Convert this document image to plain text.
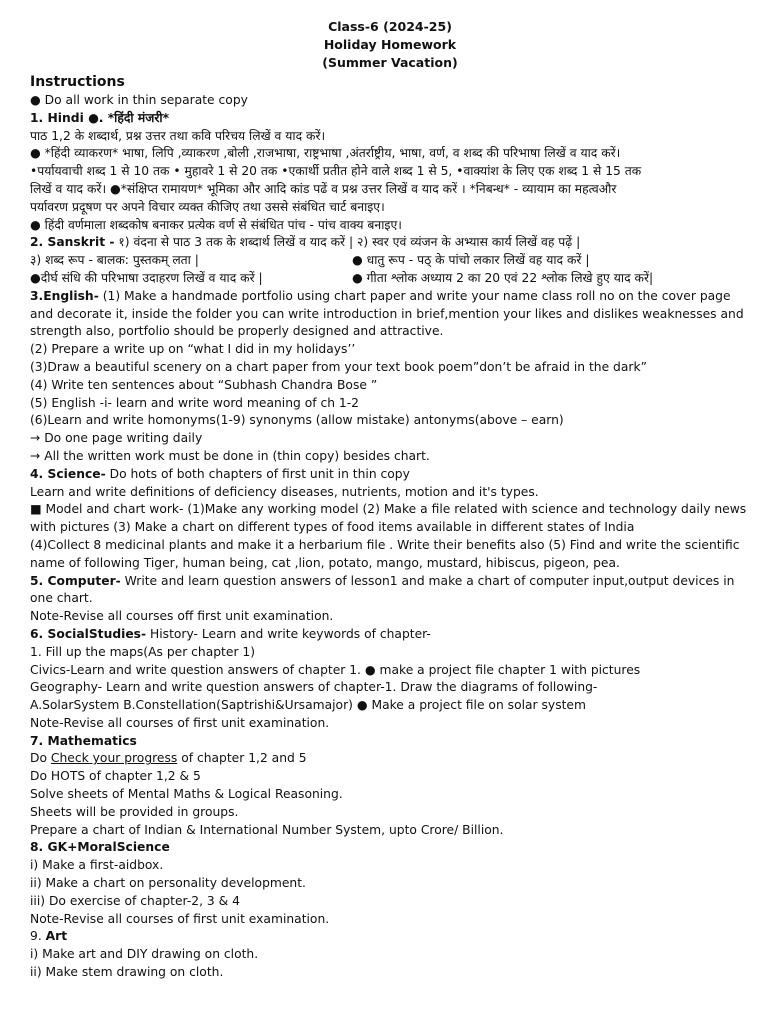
Class-6 (2024-25)
Holiday Homework
(Summer Vacation)
Instructions
● Do all work in thin separate copy
1. Hindi ●. *हिंदी मंजरी*
पाठ 1,2 के शब्दार्थ, प्रश्न उत्तर तथा कवि परिचय लिखें व याद करें।
● *हिंदी व्याकरण* भाषा, लिपि ,व्याकरण ,बोली ,राजभाषा, राष्ट्रभाषा ,अंतर्राष्ट्रीय, भाषा, वर्ण, व शब्द की परिभाषा लिखें व याद करें।
•पर्यायवाची शब्द 1 से 10 तक • मुहावरे 1 से 20 तक •एकार्थी प्रतीत होने वाले शब्द 1 से 5, •वाक्यांश के लिए एक शब्द 1 से 15 तक
लिखें व याद करें। ●*संक्षिप्त रामायण* भूमिका और आदि कांड पढें व प्रश्न उत्तर लिखें व याद करें । *निबन्ध* - व्यायाम का महत्वऔर
पर्यावरण प्रदूषण पर अपने विचार व्यक्त कीजिए तथा उससे संबंधित चार्ट बनाइए।
● हिंदी वर्णमाला शब्दकोष बनाकर प्रत्येक वर्ण से संबंधित पांच - पांच वाक्य बनाइए।
2. Sanskrit - १) वंदना से पाठ 3 तक के शब्दार्थ लिखें व याद करें | २) स्वर एवं व्यंजन के अभ्यास कार्य लिखें वह पढ़ें |
३) शब्द रूप - बालक: पुस्तकम् लता |	● धातु रूप - पठ् के पांचो लकार लिखें वह याद करें |
●दीर्घ संधि की परिभाषा उदाहरण लिखें व याद करें |	● गीता श्लोक अध्याय 2 का 20 एवं 22 श्लोक लिखे हुए याद करें|
3.English- (1) Make a handmade portfolio using chart paper and write your name class roll no on the cover page and decorate it, inside the folder you can write introduction in brief,mention your likes and dislikes weaknesses and strength also, portfolio should be properly designed and attractive.
(2) Prepare a write up on “what I did in my holidays’’
(3)Draw a beautiful scenery on a chart paper from your text book poem”don’t be afraid in the dark”
(4) Write ten sentences about “Subhash Chandra Bose ”
(5) English -i- learn and write word meaning of ch 1-2
(6)Learn and write homonyms(1-9) synonyms (allow mistake) antonyms(above – earn)
→ Do one page writing daily
→ All the written work must be done in (thin copy) besides chart.
4. Science- Do hots of both chapters of first unit in thin copy
Learn and write definitions of deficiency diseases, nutrients, motion and it's types.
■ Model and chart work- (1)Make any working model (2) Make a file related with science and technology daily news with pictures (3) Make a chart on different types of food items available in different states of India
(4)Collect 8 medicinal plants and make it a herbarium file . Write their benefits also (5) Find and write the scientific name of following Tiger, human being, cat ,lion, potato, mango, mustard, hibiscus, pigeon, pea.
5. Computer- Write and learn question answers of lesson1 and make a chart of computer input,output devices in one chart.
Note-Revise all courses off first unit examination.
6. SocialStudies- History- Learn and write keywords of chapter-
1. Fill up the maps(As per chapter 1)
Civics-Learn and write question answers of chapter 1. ● make a project file chapter 1 with pictures
Geography- Learn and write question answers of chapter-1. Draw the diagrams of following-
A.SolarSystem B.Constellation(Saptrishi&Ursamajor) ● Make a project file on solar system
Note-Revise all courses of first unit examination.
7. Mathematics
Do Check your progress of chapter 1,2 and 5
Do HOTS of chapter 1,2 & 5
Solve sheets of Mental Maths & Logical Reasoning.
Sheets will be provided in groups.
Prepare a chart of Indian & International Number System, upto Crore/ Billion.
8. GK+MoralScience
i) Make a first-aidbox.
ii) Make a chart on personality development.
iii) Do exercise of chapter-2, 3 & 4
Note-Revise all courses of first unit examination.
9. Art
i) Make art and DIY drawing on cloth.
ii) Make stem drawing on cloth.
